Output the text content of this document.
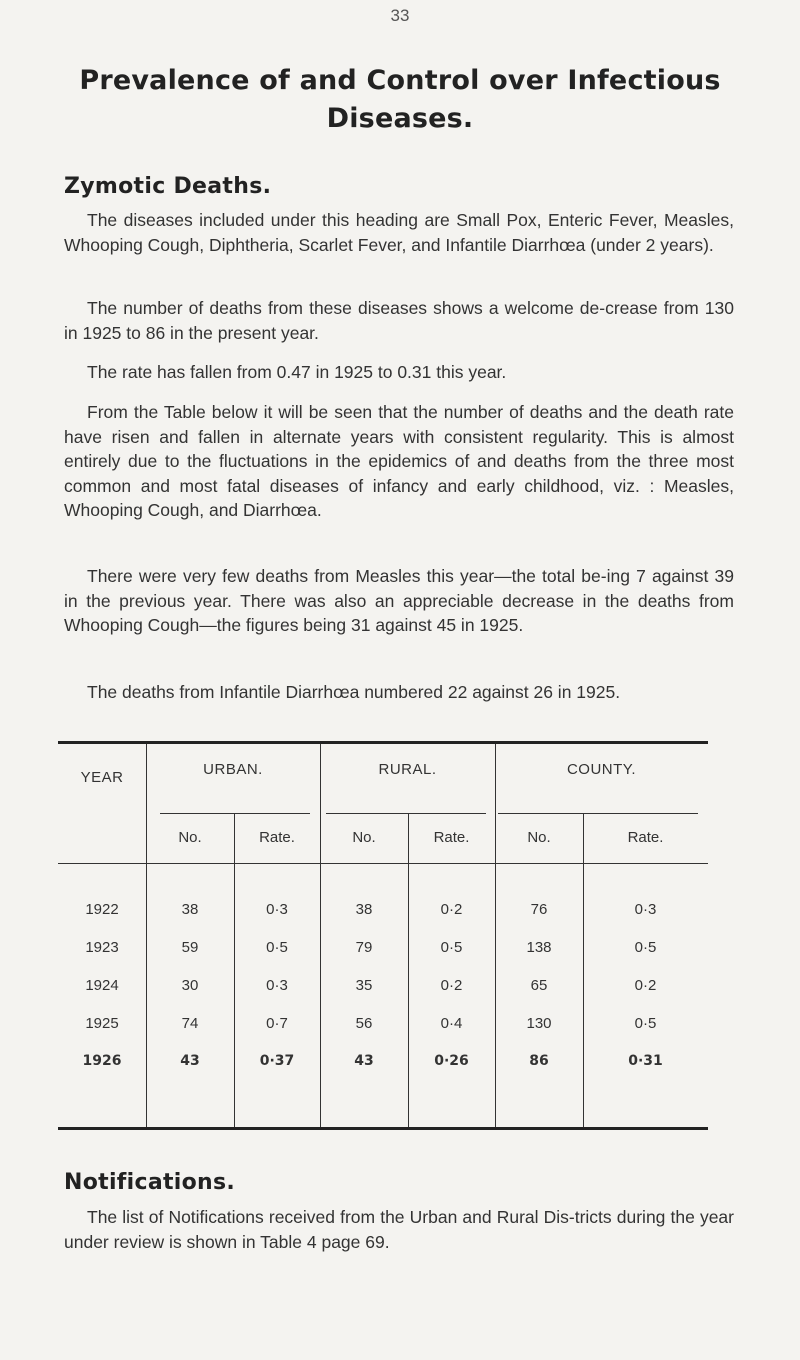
33
Prevalence of and Control over Infectious Diseases.
Zymotic Deaths.
The diseases included under this heading are Small Pox, Enteric Fever, Measles, Whooping Cough, Diphtheria, Scarlet Fever, and Infantile Diarrhœa (under 2 years).
The number of deaths from these diseases shows a welcome de-crease from 130 in 1925 to 86 in the present year.
The rate has fallen from 0.47 in 1925 to 0.31 this year.
From the Table below it will be seen that the number of deaths and the death rate have risen and fallen in alternate years with consistent regularity. This is almost entirely due to the fluctuations in the epidemics of and deaths from the three most common and most fatal diseases of infancy and early childhood, viz. : Measles, Whooping Cough, and Diarrhœa.
There were very few deaths from Measles this year—the total be-ing 7 against 39 in the previous year. There was also an appreciable decrease in the deaths from Whooping Cough—the figures being 31 against 45 in 1925.
The deaths from Infantile Diarrhœa numbered 22 against 26 in 1925.
YEAR	URBAN.	RURAL.	COUNTY.
No.	Rate.	No.	Rate.	No.	Rate.
1922	38	0·3	38	0·2	76	0·3
1923	59	0·5	79	0·5	138	0·5
1924	30	0·3	35	0·2	65	0·2
1925	74	0·7	56	0·4	130	0·5
1926	43	0·37	43	0·26	86	0·31
Notifications.
The list of Notifications received from the Urban and Rural Dis-tricts during the year under review is shown in Table 4 page 69.
